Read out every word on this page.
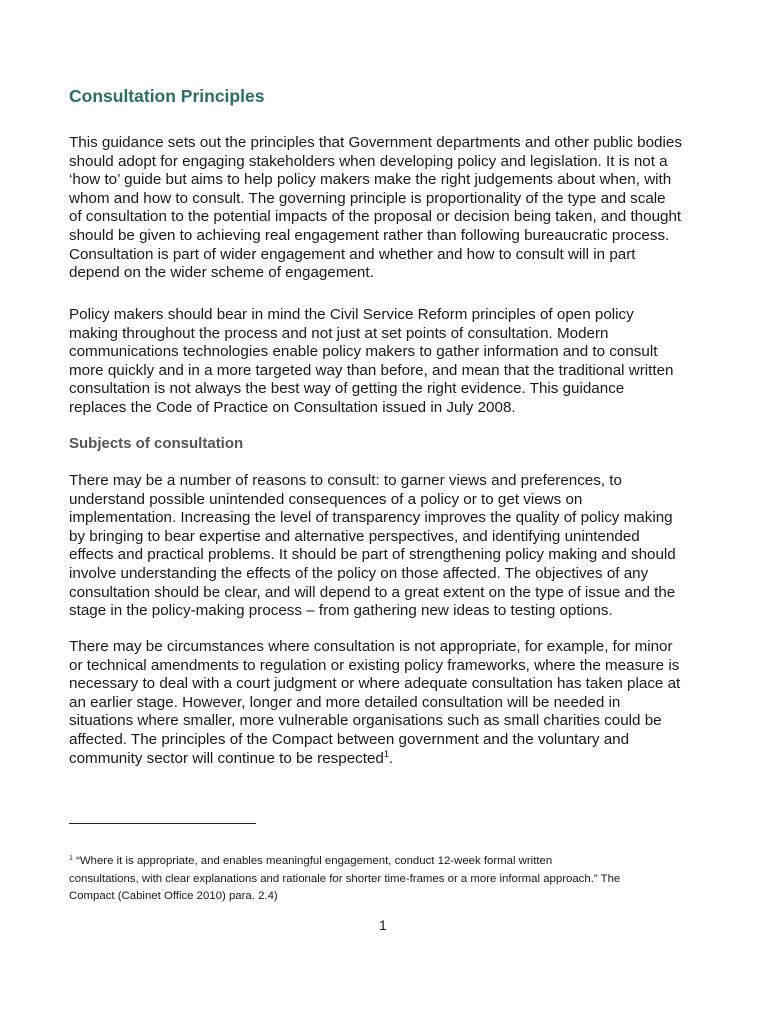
Consultation Principles

This guidance sets out the principles that Government departments and other public bodies
should adopt for engaging stakeholders when developing policy and legislation. It is not a
‘how to’ guide but aims to help policy makers make the right judgements about when, with
whom and how to consult. The governing principle is proportionality of the type and scale
of consultation to the potential impacts of the proposal or decision being taken, and thought
should be given to achieving real engagement rather than following bureaucratic process.
Consultation is part of wider engagement and whether and how to consult will in part
depend on the wider scheme of engagement.

Policy makers should bear in mind the Civil Service Reform principles of open policy
making throughout the process and not just at set points of consultation. Modern
communications technologies enable policy makers to gather information and to consult
more quickly and in a more targeted way than before, and mean that the traditional written
consultation is not always the best way of getting the right evidence. This guidance
replaces the Code of Practice on Consultation issued in July 2008.

Subjects of consultation

There may be a number of reasons to consult: to garner views and preferences, to
understand possible unintended consequences of a policy or to get views on
implementation. Increasing the level of transparency improves the quality of policy making
by bringing to bear expertise and alternative perspectives, and identifying unintended
effects and practical problems. It should be part of strengthening policy making and should
involve understanding the effects of the policy on those affected. The objectives of any
consultation should be clear, and will depend to a great extent on the type of issue and the
stage in the policy-making process – from gathering new ideas to testing options.

There may be circumstances where consultation is not appropriate, for example, for minor
or technical amendments to regulation or existing policy frameworks, where the measure is
necessary to deal with a court judgment or where adequate consultation has taken place at
an earlier stage. However, longer and more detailed consultation will be needed in
situations where smaller, more vulnerable organisations such as small charities could be
affected. The principles of the Compact between government and the voluntary and
community sector will continue to be respected$^1$.

$^1$ “Where it is appropriate, and enables meaningful engagement, conduct 12-week formal written
consultations, with clear explanations and rationale for shorter time-frames or a more informal approach.” The
Compact (Cabinet Office 2010) para. 2.4)

1
